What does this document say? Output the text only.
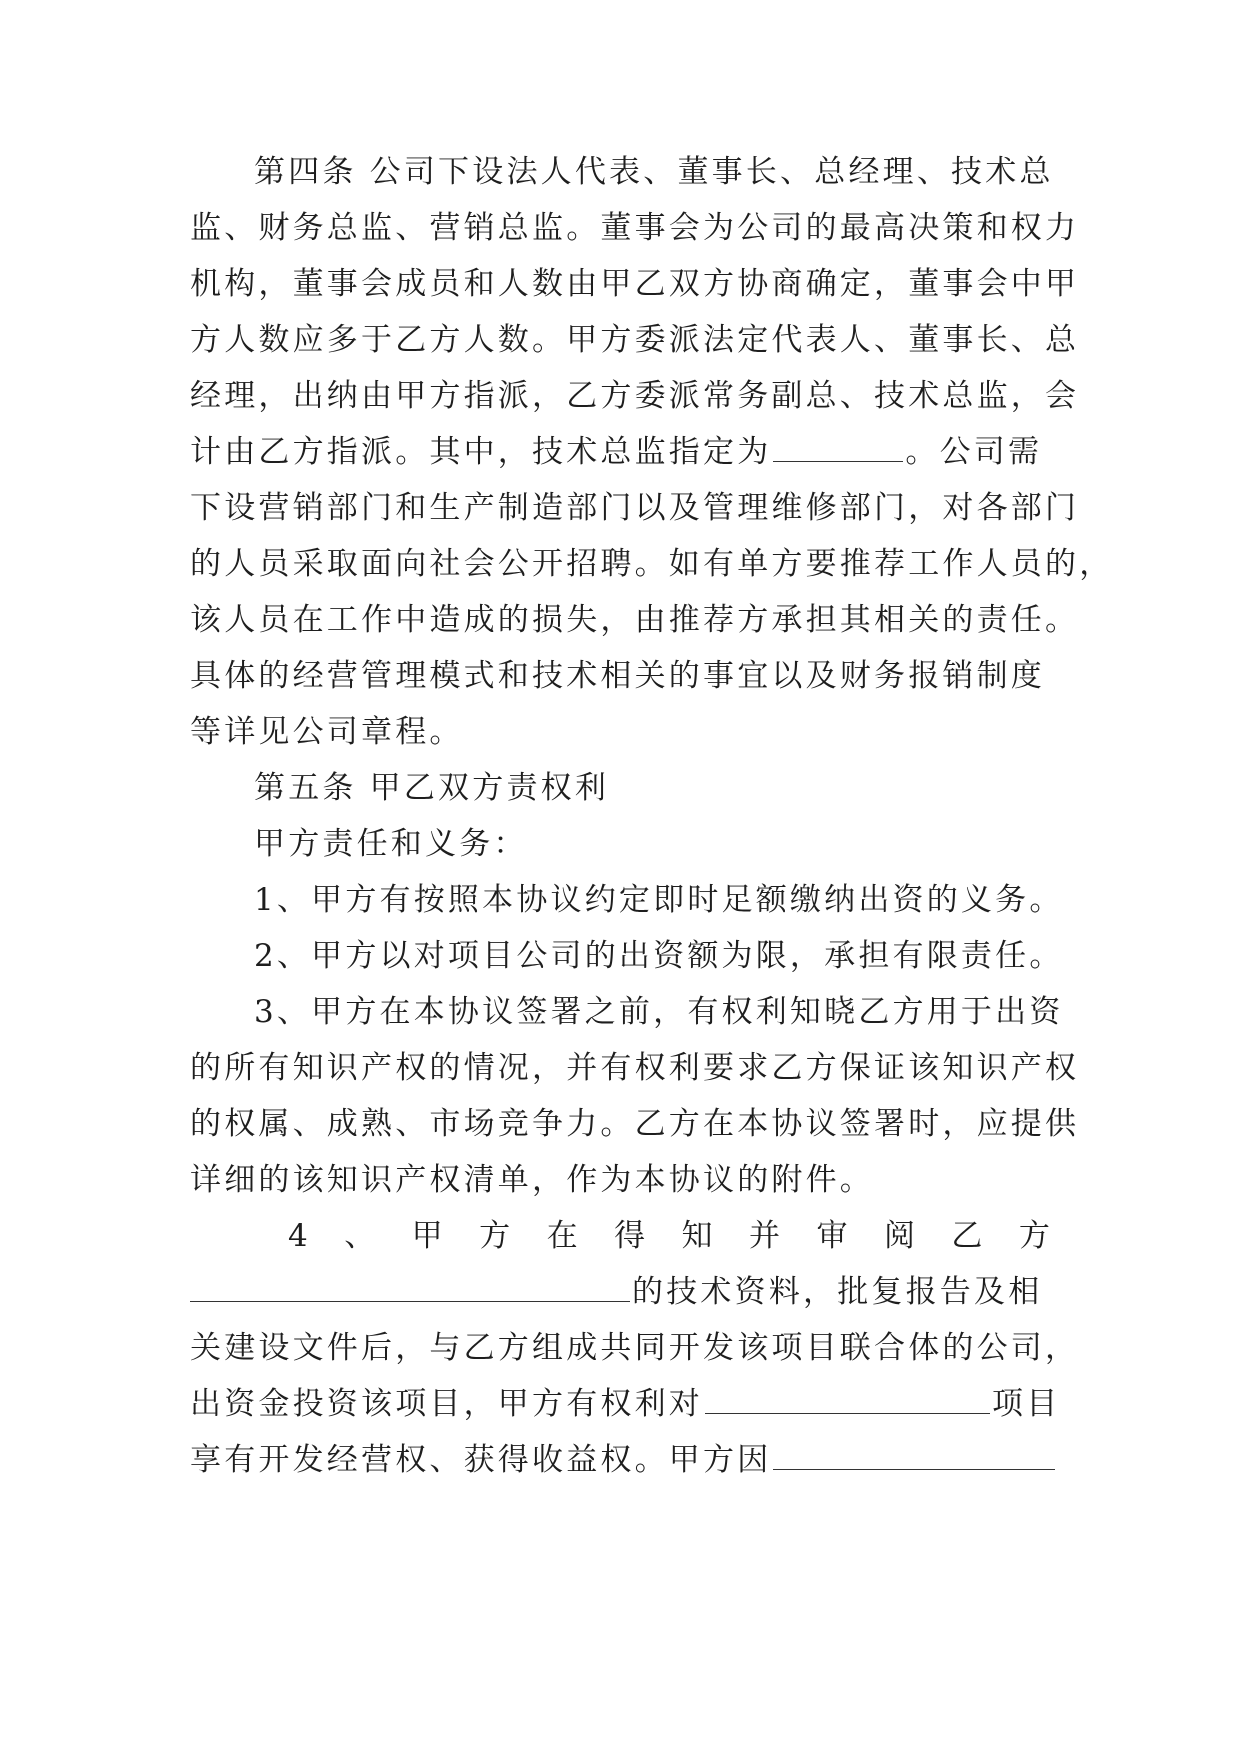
第四条 公司下设法人代表、董事长、总经理、技术总
监、财务总监、营销总监。董事会为公司的最高决策和权力
机构，董事会成员和人数由甲乙双方协商确定，董事会中甲
方人数应多于乙方人数。甲方委派法定代表人、董事长、总
经理，出纳由甲方指派，乙方委派常务副总、技术总监，会
计由乙方指派。其中，技术总监指定为	。公司需
下设营销部门和生产制造部门以及管理维修部门，对各部门
的人员采取面向社会公开招聘。如有单方要推荐工作人员的，
该人员在工作中造成的损失，由推荐方承担其相关的责任。
具体的经营管理模式和技术相关的事宜以及财务报销制度
等详见公司章程。
第五条 甲乙双方责权利
甲方责任和义务：
1、甲方有按照本协议约定即时足额缴纳出资的义务。
2、甲方以对项目公司的出资额为限，承担有限责任。
3、甲方在本协议签署之前，有权利知晓乙方用于出资
的所有知识产权的情况，并有权利要求乙方保证该知识产权
的权属、成熟、市场竞争力。乙方在本协议签署时，应提供
详细的该知识产权清单，作为本协议的附件。
4 、 甲 方 在 得 知 并 审 阅 乙 方
的技术资料，批复报告及相
关建设文件后，与乙方组成共同开发该项目联合体的公司，
出资金投资该项目，甲方有权利对	项目
享有开发经营权、获得收益权。甲方因
